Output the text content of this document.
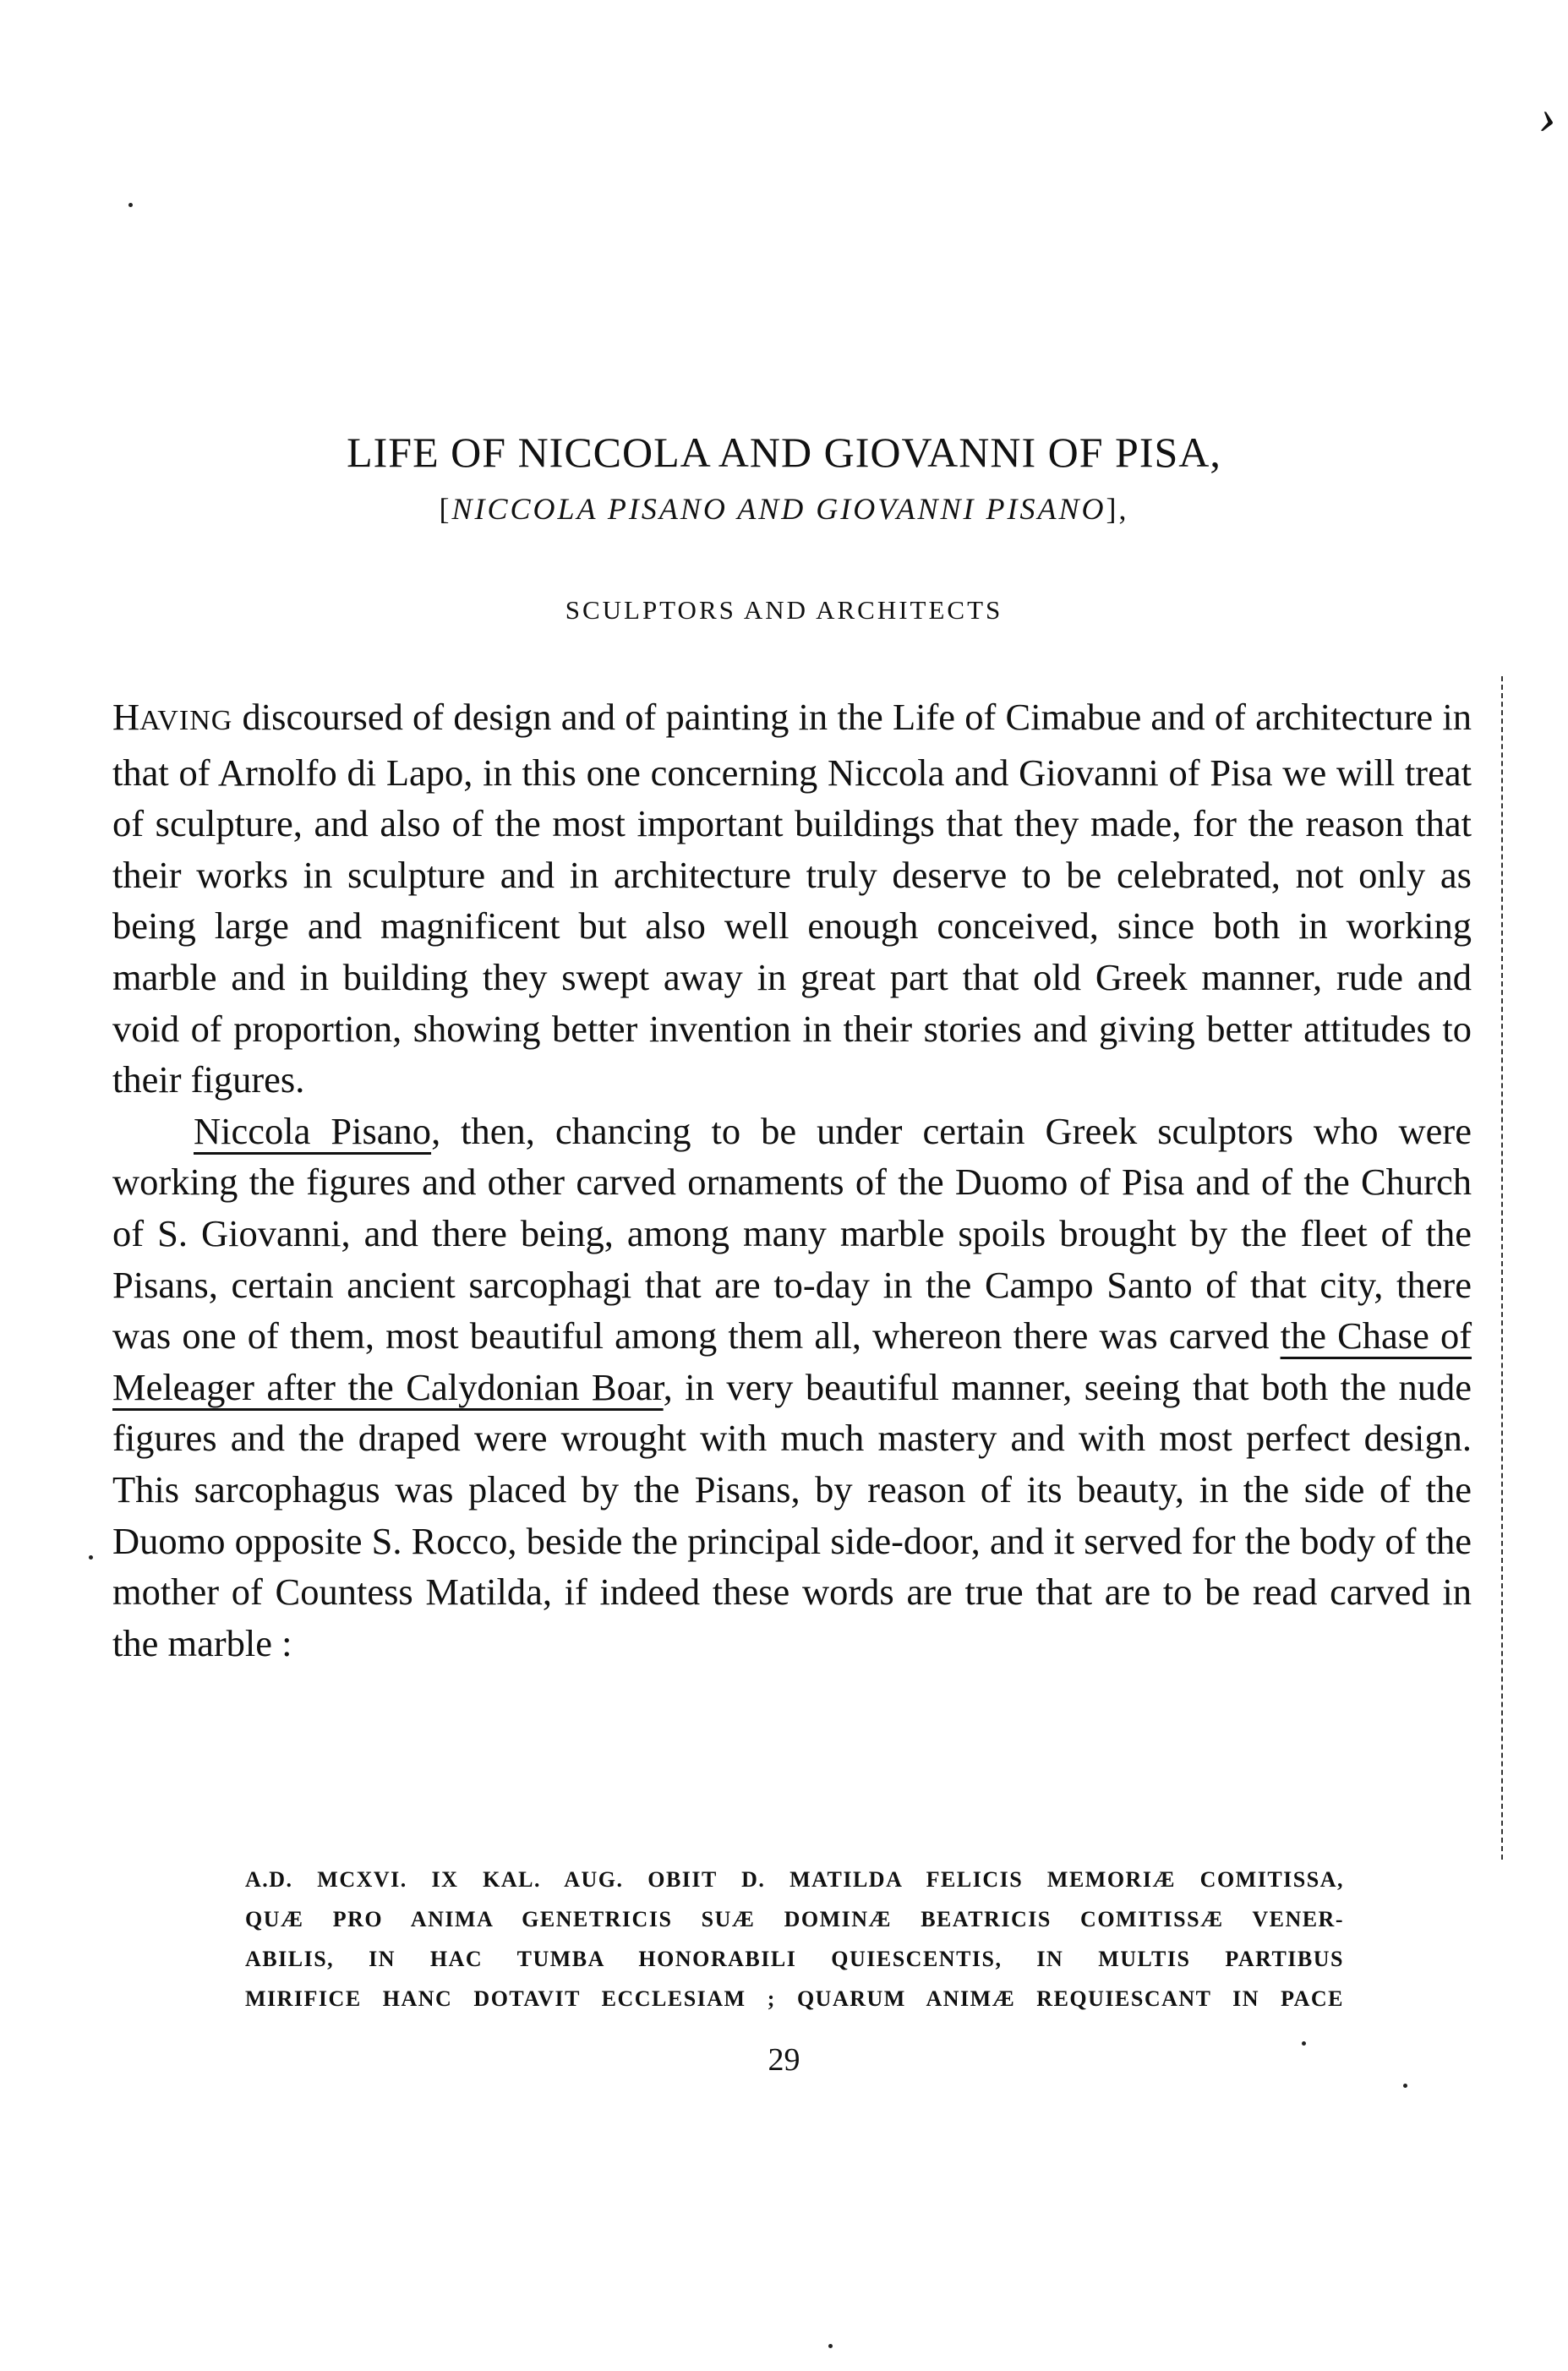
›
LIFE OF NICCOLA AND GIOVANNI OF PISA,
[NICCOLA PISANO AND GIOVANNI PISANO],
SCULPTORS AND ARCHITECTS

HAVING discoursed of design and of painting in the Life of Cimabue and of architecture in that of Arnolfo di Lapo, in this one concerning Niccola and Giovanni of Pisa we will treat of sculpture, and also of the most important buildings that they made, for the reason that their works in sculpture and in architecture truly deserve to be celebrated, not only as being large and magnificent but also well enough conceived, since both in working marble and in building they swept away in great part that old Greek manner, rude and void of proportion, showing better invention in their stories and giving better attitudes to their figures.

Niccola Pisano, then, chancing to be under certain Greek sculptors who were working the figures and other carved ornaments of the Duomo of Pisa and of the Church of S. Giovanni, and there being, among many marble spoils brought by the fleet of the Pisans, certain ancient sarcophagi that are to-day in the Campo Santo of that city, there was one of them, most beautiful among them all, whereon there was carved the Chase of Meleager after the Calydonian Boar, in very beautiful manner, seeing that both the nude figures and the draped were wrought with much mastery and with most perfect design. This sarcophagus was placed by the Pisans, by reason of its beauty, in the side of the Duomo opposite S. Rocco, beside the principal side-door, and it served for the body of the mother of Countess Matilda, if indeed these words are true that are to be read carved in the marble :

A.D. MCXVI. IX KAL. AUG. OBIIT D. MATILDA FELICIS MEMORIÆ COMITISSA,
QUÆ PRO ANIMA GENETRICIS SUÆ DOMINÆ BEATRICIS COMITISSÆ VENER-
ABILIS, IN HAC TUMBA HONORABILI QUIESCENTIS, IN MULTIS PARTIBUS
MIRIFICE HANC DOTAVIT ECCLESIAM ; QUARUM ANIMÆ REQUIESCANT IN PACE
29
